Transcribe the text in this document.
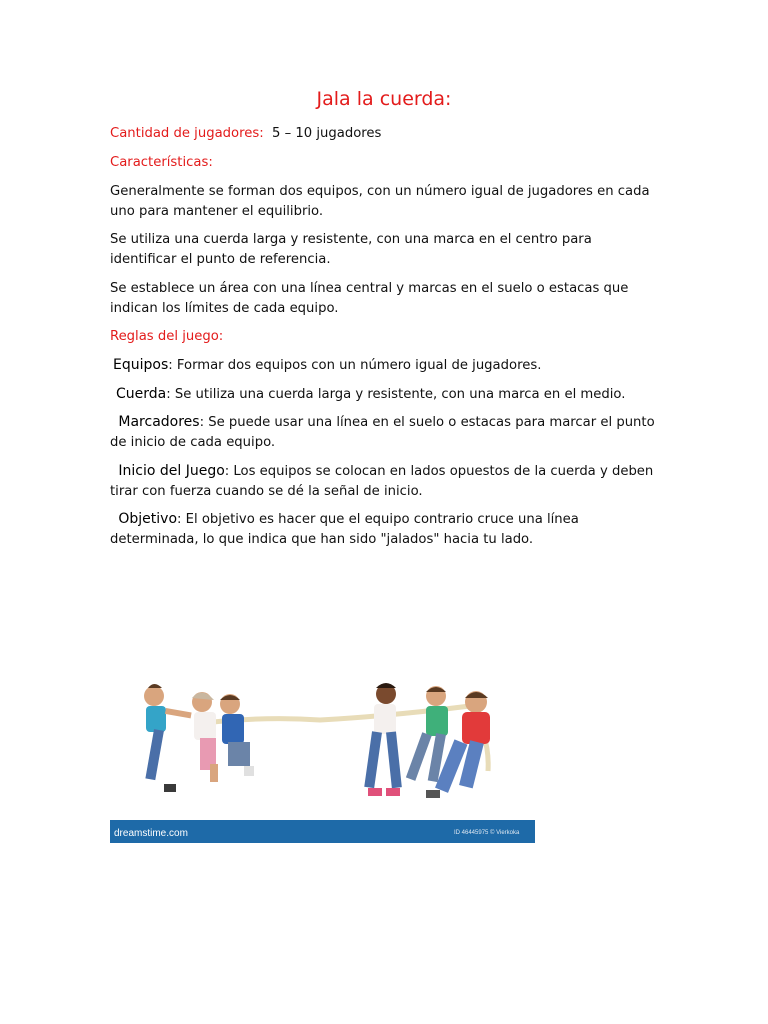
Jala la cuerda:

Cantidad de jugadores: 5 – 10 jugadores

Características:

Generalmente se forman dos equipos, con un número igual de jugadores en cada uno para mantener el equilibrio.

Se utiliza una cuerda larga y resistente, con una marca en el centro para identificar el punto de referencia.

Se establece un área con una línea central y marcas en el suelo o estacas que indican los límites de cada equipo.

Reglas del juego:

Equipos: Formar dos equipos con un número igual de jugadores.

Cuerda: Se utiliza una cuerda larga y resistente, con una marca en el medio.

Marcadores: Se puede usar una línea en el suelo o estacas para marcar el punto de inicio de cada equipo.

Inicio del Juego: Los equipos se colocan en lados opuestos de la cuerda y deben tirar con fuerza cuando se dé la señal de inicio.

Objetivo: El objetivo es hacer que el equipo contrario cruce una línea determinada, lo que indica que han sido "jalados" hacia tu lado.

dreamstime.com	ID 46445975 © Vierkoka
